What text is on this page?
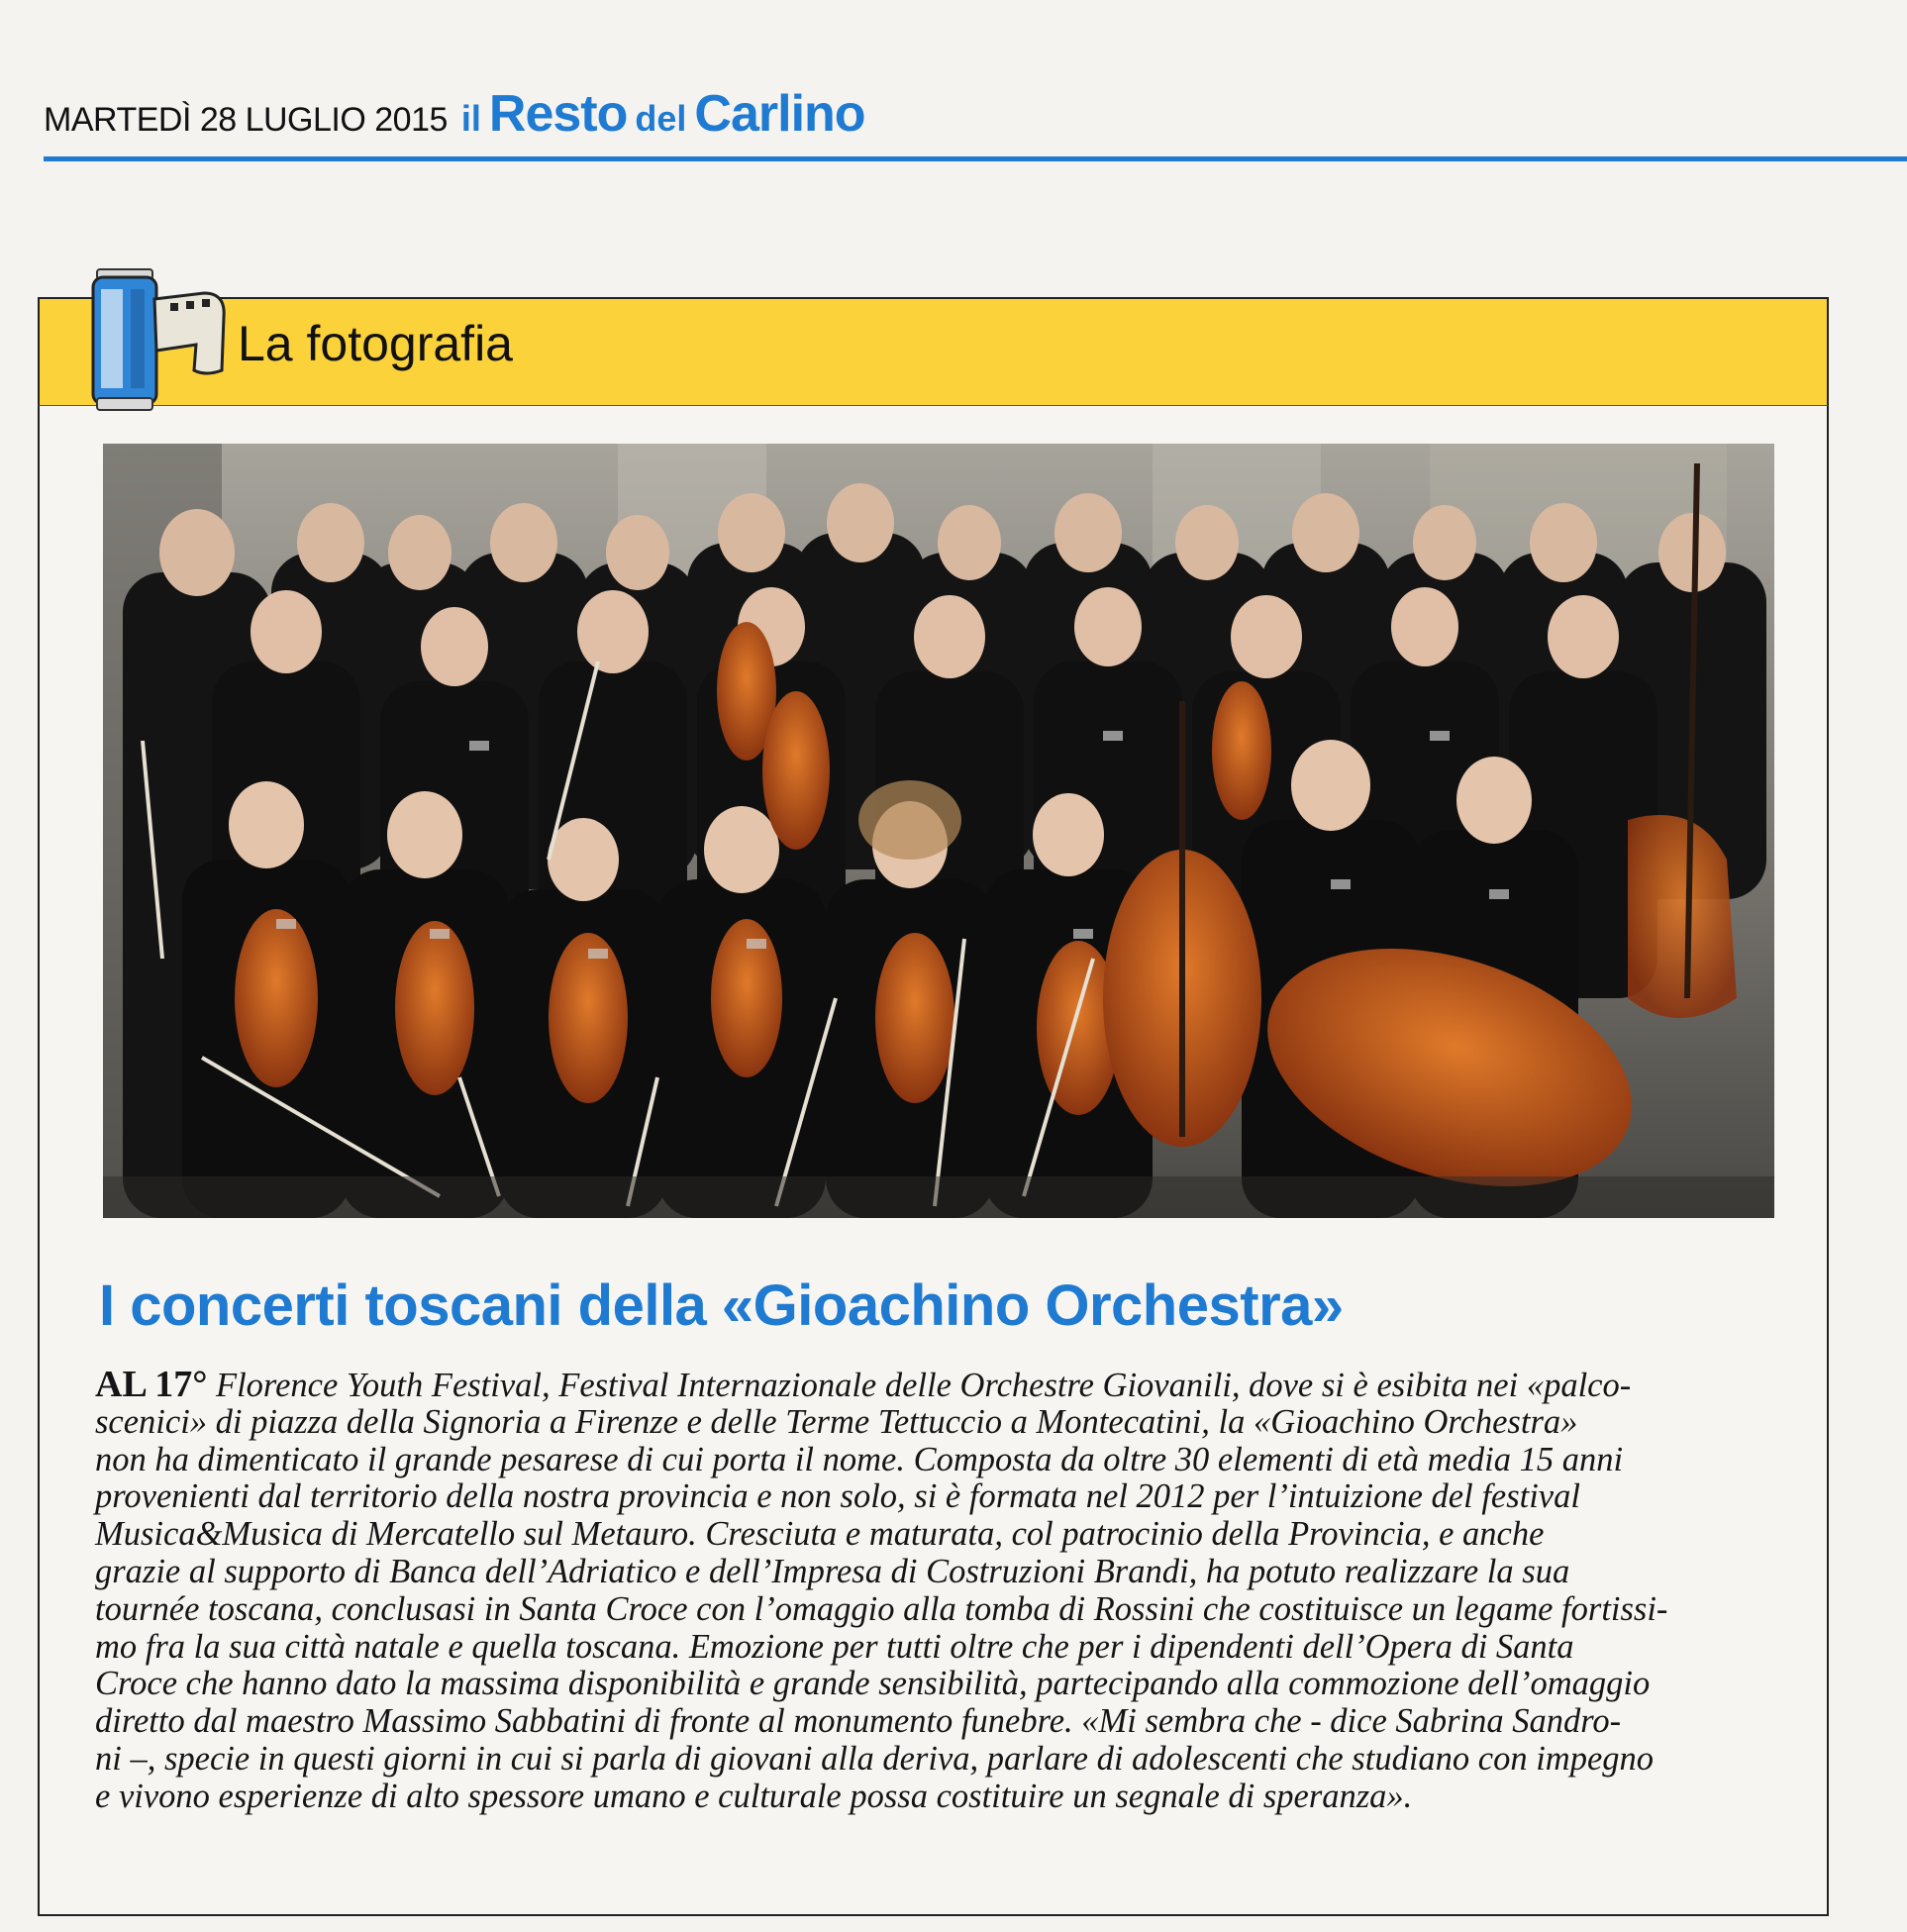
MARTEDÌ 28 LUGLIO 2015 il Resto del Carlino
La fotografia
I concerti toscani della «Gioachino Orchestra»
AL 17° Florence Youth Festival, Festival Internazionale delle Orchestre Giovanili, dove si è esibita nei «palco-
scenici» di piazza della Signoria a Firenze e delle Terme Tettuccio a Montecatini, la «Gioachino Orchestra»
non ha dimenticato il grande pesarese di cui porta il nome. Composta da oltre 30 elementi di età media 15 anni
provenienti dal territorio della nostra provincia e non solo, si è formata nel 2012 per l’intuizione del festival
Musica&Musica di Mercatello sul Metauro. Cresciuta e maturata, col patrocinio della Provincia, e anche
grazie al supporto di Banca dell’Adriatico e dell’Impresa di Costruzioni Brandi, ha potuto realizzare la sua
tournée toscana, conclusasi in Santa Croce con l’omaggio alla tomba di Rossini che costituisce un legame fortissi-
mo fra la sua città natale e quella toscana. Emozione per tutti oltre che per i dipendenti dell’Opera di Santa
Croce che hanno dato la massima disponibilità e grande sensibilità, partecipando alla commozione dell’omaggio
diretto dal maestro Massimo Sabbatini di fronte al monumento funebre. «Mi sembra che - dice Sabrina Sandro-
ni –, specie in questi giorni in cui si parla di giovani alla deriva, parlare di adolescenti che studiano con impegno
e vivono esperienze di alto spessore umano e culturale possa costituire un segnale di speranza».
